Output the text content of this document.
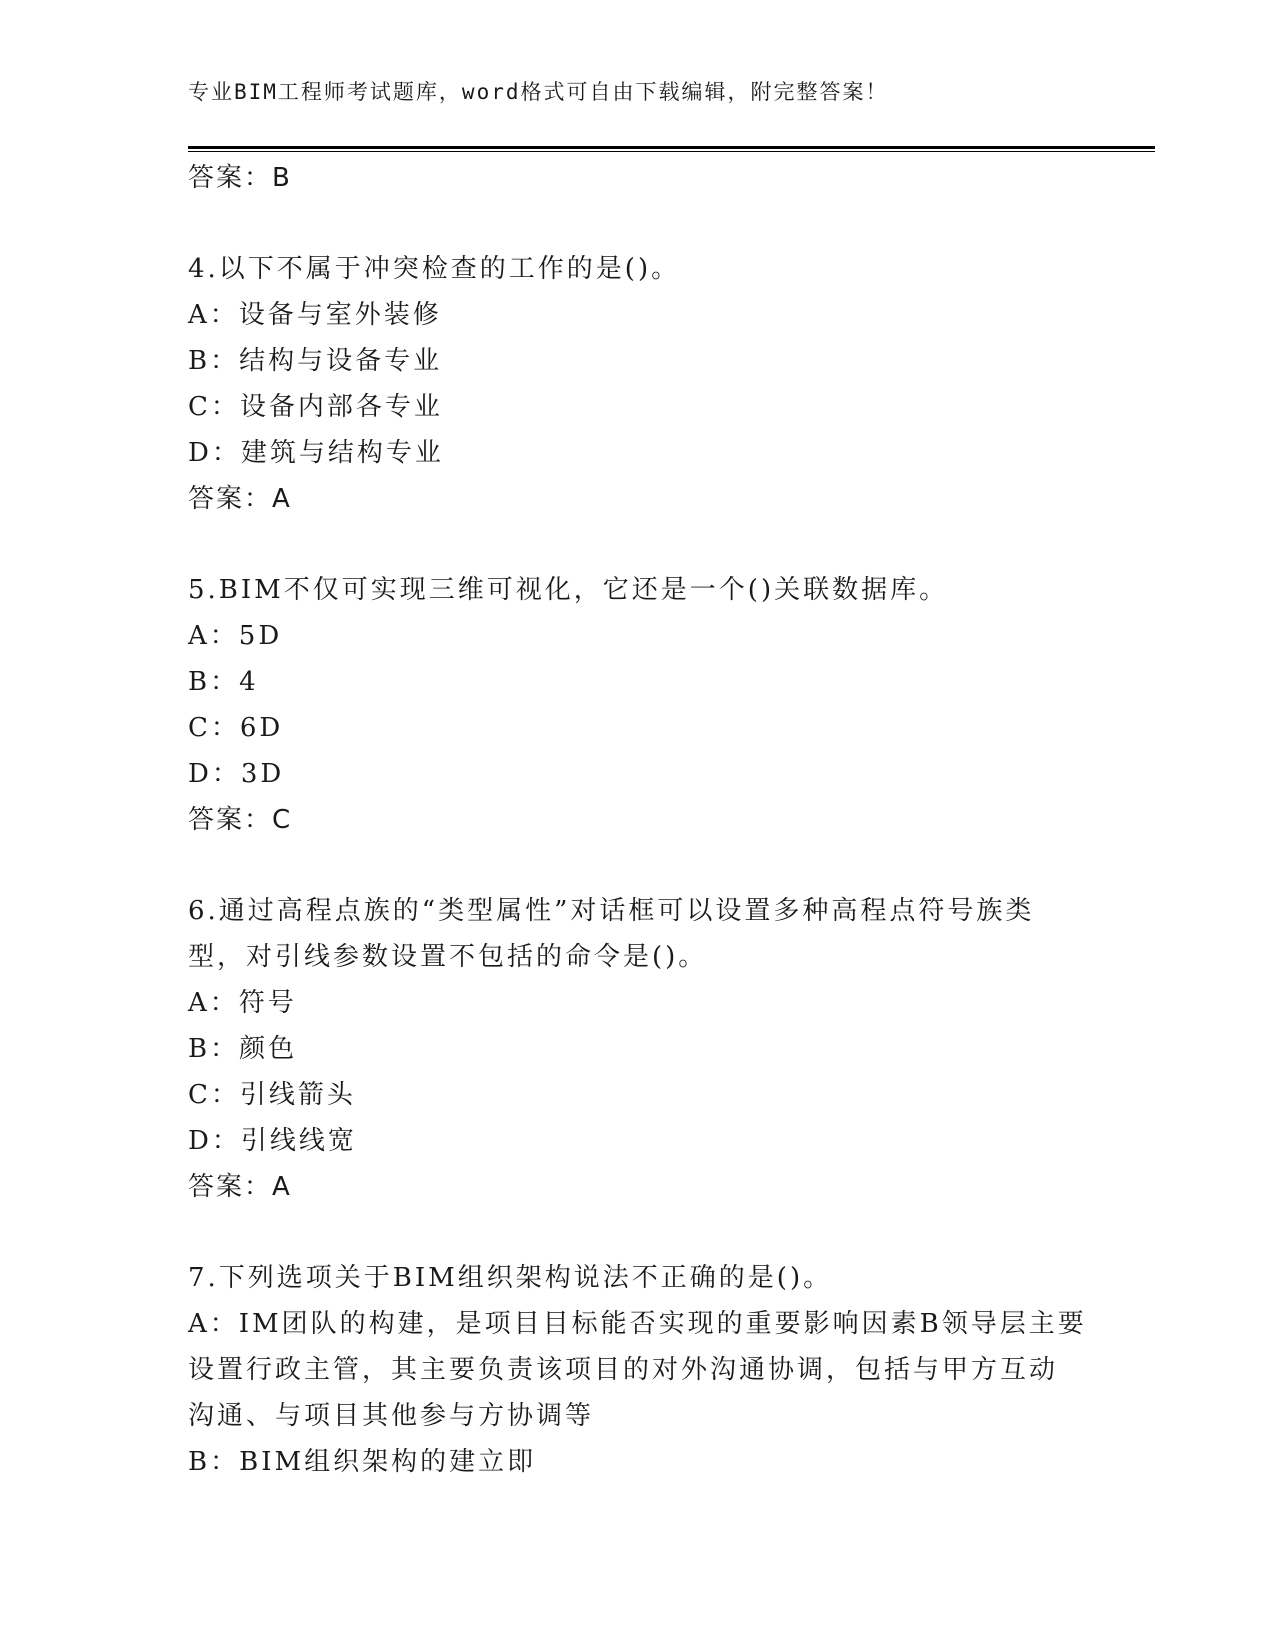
专业BIM工程师考试题库，word格式可自由下载编辑，附完整答案！
答案：B
4.以下不属于冲突检查的工作的是()。
A：设备与室外装修
B：结构与设备专业
C：设备内部各专业
D：建筑与结构专业
答案：A
5.BIM不仅可实现三维可视化，它还是一个()关联数据库。
A：5D
B：4
C：6D
D：3D
答案：C
6.通过高程点族的“类型属性”对话框可以设置多种高程点符号族类
型，对引线参数设置不包括的命令是()。
A：符号
B：颜色
C：引线箭头
D：引线线宽
答案：A
7.下列选项关于BIM组织架构说法不正确的是()。
A：IM团队的构建，是项目目标能否实现的重要影响因素B领导层主要
设置行政主管，其主要负责该项目的对外沟通协调，包括与甲方互动
沟通、与项目其他参与方协调等
B：BIM组织架构的建立即
